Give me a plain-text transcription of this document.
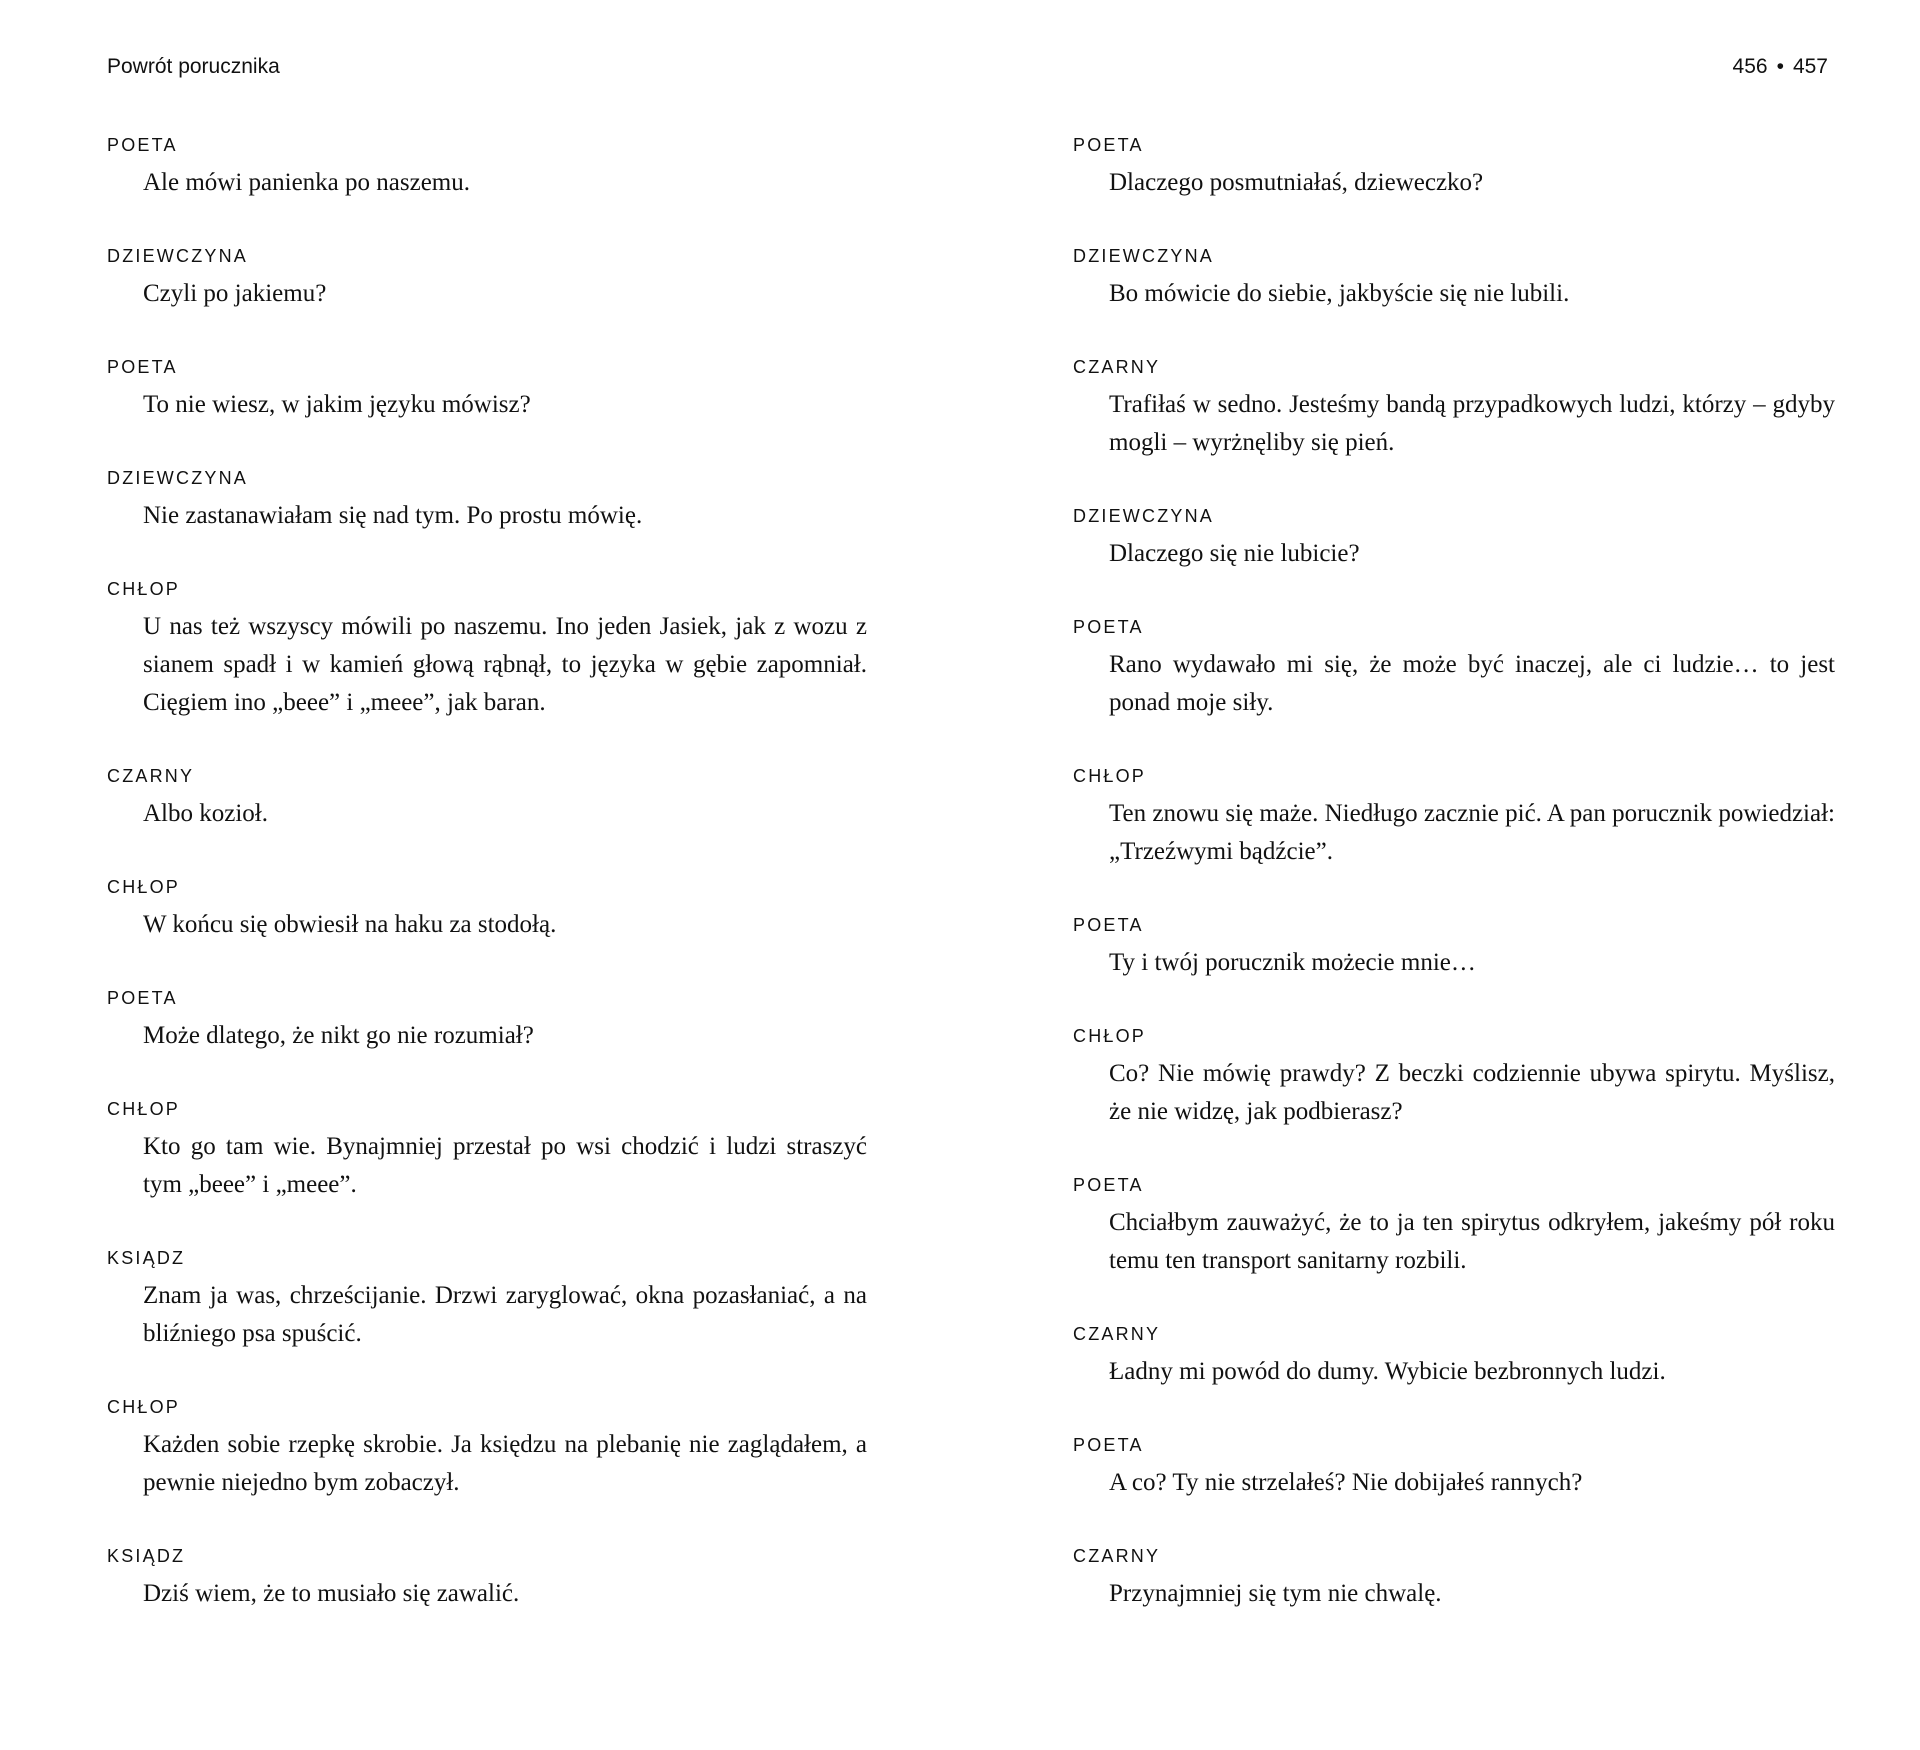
Powrót porucznika	456 • 457
POETA
Ale mówi panienka po naszemu.
DZIEWCZYNA
Czyli po jakiemu?
POETA
To nie wiesz, w jakim języku mówisz?
DZIEWCZYNA
Nie zastanawiałam się nad tym. Po prostu mówię.
CHŁOP
U nas też wszyscy mówili po naszemu. Ino jeden Jasiek, jak z wozu z sianem spadł i w kamień głową rąbnął, to języka w gębie zapomniał. Cięgiem ino „beee” i „meee”, jak baran.
CZARNY
Albo kozioł.
CHŁOP
W końcu się obwiesił na haku za stodołą.
POETA
Może dlatego, że nikt go nie rozumiał?
CHŁOP
Kto go tam wie. Bynajmniej przestał po wsi chodzić i ludzi straszyć tym „beee” i „meee”.
KSIĄDZ
Znam ja was, chrześcijanie. Drzwi zaryglować, okna pozasłaniać, a na bliźniego psa spuścić.
CHŁOP
Każden sobie rzepkę skrobie. Ja księdzu na plebanię nie zaglądałem, a pewnie niejedno bym zobaczył.
KSIĄDZ
Dziś wiem, że to musiało się zawalić.
POETA
Dlaczego posmutniałaś, dzieweczko?
DZIEWCZYNA
Bo mówicie do siebie, jakbyście się nie lubili.
CZARNY
Trafiłaś w sedno. Jesteśmy bandą przypadkowych ludzi, którzy – gdyby mogli – wyrżnęliby się pień.
DZIEWCZYNA
Dlaczego się nie lubicie?
POETA
Rano wydawało mi się, że może być inaczej, ale ci ludzie… to jest ponad moje siły.
CHŁOP
Ten znowu się maże. Niedługo zacznie pić. A pan porucznik powiedział: „Trzeźwymi bądźcie”.
POETA
Ty i twój porucznik możecie mnie…
CHŁOP
Co? Nie mówię prawdy? Z beczki codziennie ubywa spirytu. Myślisz, że nie widzę, jak podbierasz?
POETA
Chciałbym zauważyć, że to ja ten spirytus odkryłem, jakeśmy pół roku temu ten transport sanitarny rozbili.
CZARNY
Ładny mi powód do dumy. Wybicie bezbronnych ludzi.
POETA
A co? Ty nie strzelałeś? Nie dobijałeś rannych?
CZARNY
Przynajmniej się tym nie chwalę.
